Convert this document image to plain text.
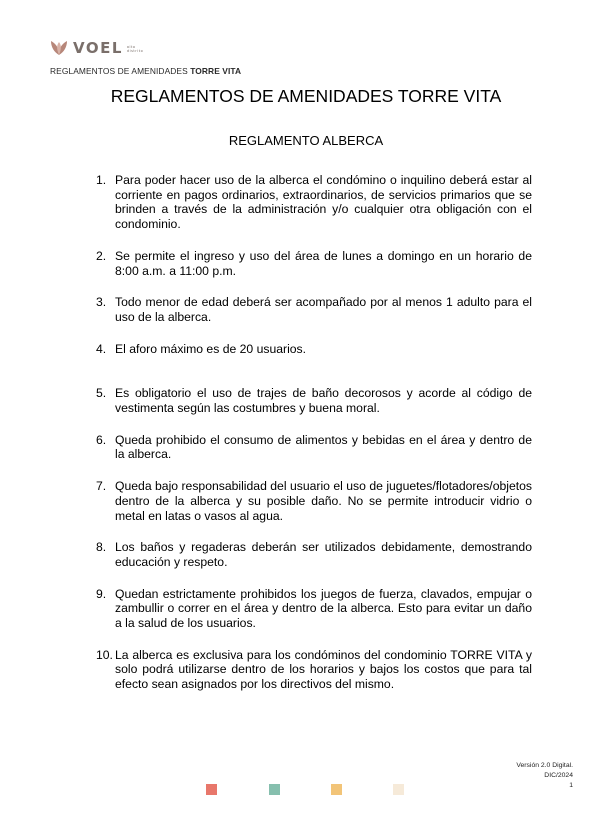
VOEL alto
distrito
REGLAMENTOS DE AMENIDADES TORRE VITA
REGLAMENTOS DE AMENIDADES TORRE VITA
REGLAMENTO ALBERCA
1. Para poder hacer uso de la alberca el condómino o inquilino deberá estar al corriente en pagos ordinarios, extraordinarios, de servicios primarios que se brinden a través de la administración y/o cualquier otra obligación con el condominio.
2. Se permite el ingreso y uso del área de lunes a domingo en un horario de 8:00 a.m. a 11:00 p.m.
3. Todo menor de edad deberá ser acompañado por al menos 1 adulto para el uso de la alberca.
4. El aforo máximo es de 20 usuarios.
5. Es obligatorio el uso de trajes de baño decorosos y acorde al código de vestimenta según las costumbres y buena moral.
6. Queda prohibido el consumo de alimentos y bebidas en el área y dentro de la alberca.
7. Queda bajo responsabilidad del usuario el uso de juguetes/flotadores/objetos dentro de la alberca y su posible daño. No se permite introducir vidrio o metal en latas o vasos al agua.
8. Los baños y regaderas deberán ser utilizados debidamente, demostrando educación y respeto.
9. Quedan estrictamente prohibidos los juegos de fuerza, clavados, empujar o zambullir o correr en el área y dentro de la alberca. Esto para evitar un daño a la salud de los usuarios.
10. La alberca es exclusiva para los condóminos del condominio TORRE VITA y solo podrá utilizarse dentro de los horarios y bajos los costos que para tal efecto sean asignados por los directivos del mismo.
Versión 2.0 Digital.
DIC/2024
1
